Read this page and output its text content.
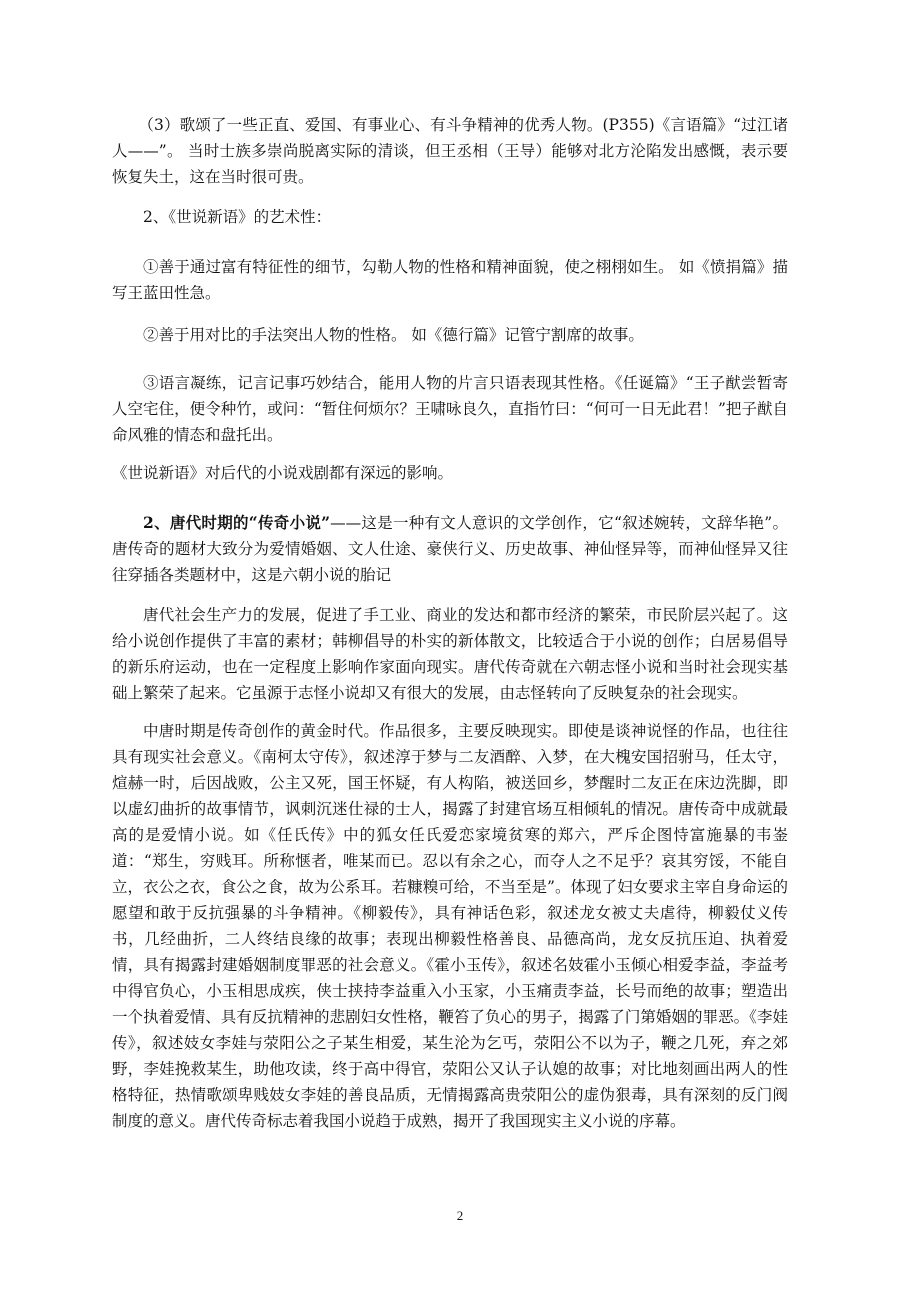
（3）歌颂了一些正直、爱国、有事业心、有斗争精神的优秀人物。(P355)《言语篇》“过江诸人——”。 当时士族多崇尚脱离实际的清谈，但王丞相（王导）能够对北方沦陷发出感慨，表示要恢复失土，这在当时很可贵。

2、《世说新语》的艺术性：

①善于通过富有特征性的细节，勾勒人物的性格和精神面貌，使之栩栩如生。 如《愤捐篇》描写王蓝田性急。

②善于用对比的手法突出人物的性格。 如《德行篇》记管宁割席的故事。

③语言凝练，记言记事巧妙结合，能用人物的片言只语表现其性格。《任诞篇》“王子猷尝暂寄人空宅住，便令种竹，或问：“暂住何烦尔？王啸咏良久，直指竹曰：“何可一日无此君！”把子猷自命风雅的情态和盘托出。

《世说新语》对后代的小说戏剧都有深远的影响。

2、唐代时期的“传奇小说”——这是一种有文人意识的文学创作，它“叙述婉转，文辞华艳”。唐传奇的题材大致分为爱情婚姻、文人仕途、豪侠行义、历史故事、神仙怪异等，而神仙怪异又往往穿插各类题材中，这是六朝小说的胎记

唐代社会生产力的发展，促进了手工业、商业的发达和都市经济的繁荣，市民阶层兴起了。这给小说创作提供了丰富的素材；韩柳倡导的朴实的新体散文，比较适合于小说的创作；白居易倡导的新乐府运动，也在一定程度上影响作家面向现实。唐代传奇就在六朝志怪小说和当时社会现实基础上繁荣了起来。它虽源于志怪小说却又有很大的发展，由志怪转向了反映复杂的社会现实。

中唐时期是传奇创作的黄金时代。作品很多，主要反映现实。即使是谈神说怪的作品，也往往具有现实社会意义。《南柯太守传》，叙述淳于梦与二友酒醉、入梦，在大槐安国招驸马，任太守，煊赫一时，后因战败，公主又死，国王怀疑，有人构陷，被送回乡，梦醒时二友正在床边洗脚，即以虚幻曲折的故事情节，讽刺沉迷仕禄的士人，揭露了封建官场互相倾轧的情况。唐传奇中成就最高的是爱情小说。如《任氏传》中的狐女任氏爱恋家境贫寒的郑六，严斥企图恃富施暴的韦崟道：“郑生，穷贱耳。所称惬者，唯某而已。忍以有余之心，而夺人之不足乎？哀其穷馁，不能自立，衣公之衣，食公之食，故为公系耳。若糠糗可给，不当至是”。体现了妇女要求主宰自身命运的愿望和敢于反抗强暴的斗争精神。《柳毅传》，具有神话色彩，叙述龙女被丈夫虐待，柳毅仗义传书，几经曲折，二人终结良缘的故事；表现出柳毅性格善良、品德高尚，龙女反抗压迫、执着爱情，具有揭露封建婚姻制度罪恶的社会意义。《霍小玉传》，叙述名妓霍小玉倾心相爱李益，李益考中得官负心，小玉相思成疾，侠士挟持李益重入小玉家，小玉痛责李益，长号而绝的故事；塑造出一个执着爱情、具有反抗精神的悲剧妇女性格，鞭笞了负心的男子，揭露了门第婚姻的罪恶。《李娃传》，叙述妓女李娃与荥阳公之子某生相爱，某生沦为乞丐，荥阳公不以为子，鞭之几死，弃之郊野，李娃挽救某生，助他攻读，终于高中得官，荥阳公又认子认媳的故事；对比地刻画出两人的性格特征，热情歌颂卑贱妓女李娃的善良品质，无情揭露高贵荥阳公的虚伪狠毒，具有深刻的反门阀制度的意义。唐代传奇标志着我国小说趋于成熟，揭开了我国现实主义小说的序幕。

2
